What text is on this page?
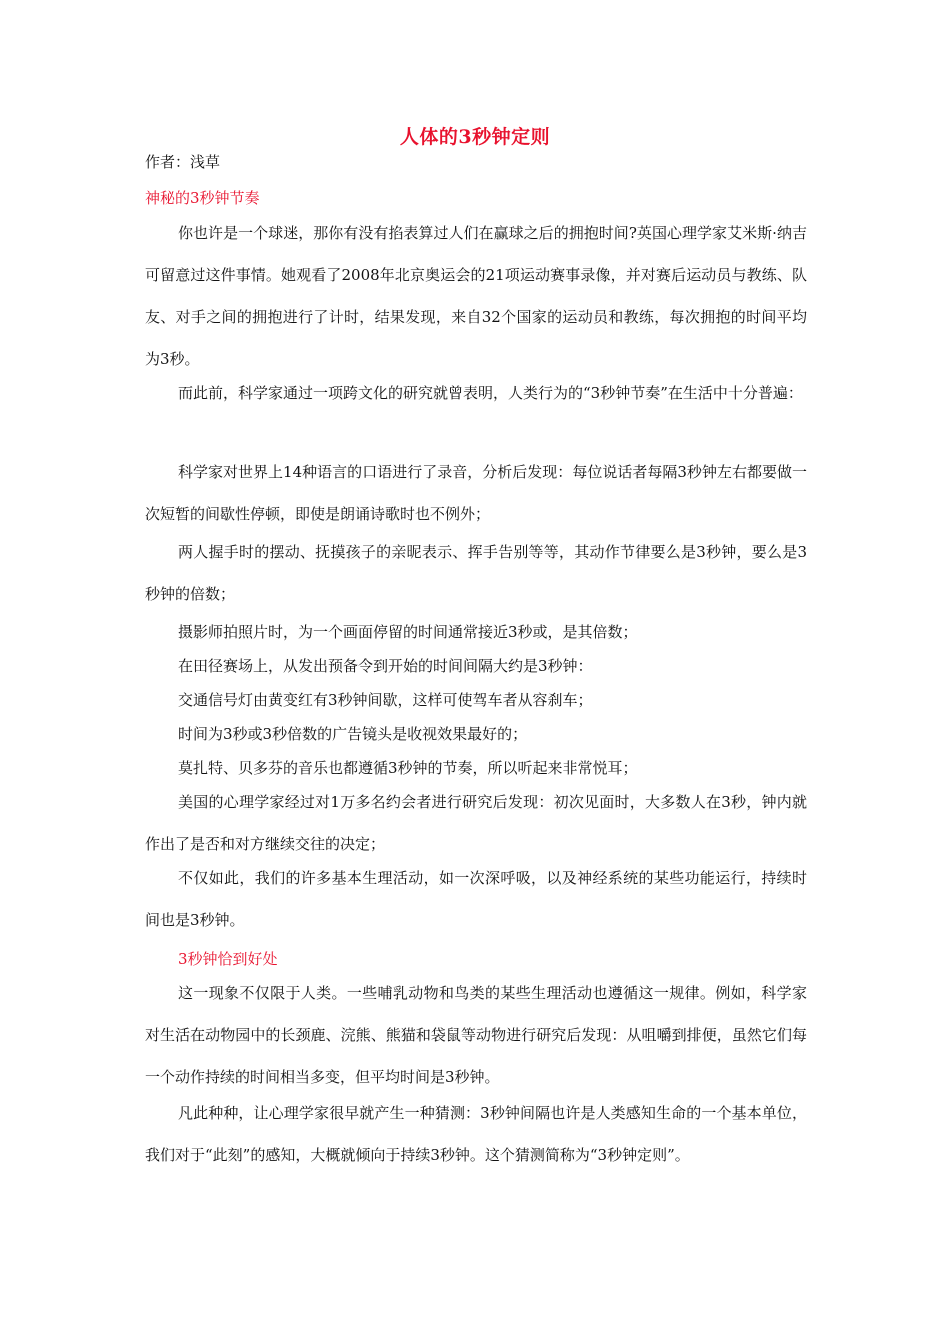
人体的3秒钟定则
作者：浅草
神秘的3秒钟节奏
你也许是一个球迷，那你有没有掐表算过人们在赢球之后的拥抱时间?英国心理学家艾米斯·纳吉可留意过这件事情。她观看了2008年北京奥运会的21项运动赛事录像，并对赛后运动员与教练、队友、对手之间的拥抱进行了计时，结果发现，来自32个国家的运动员和教练，每次拥抱的时间平均为3秒。
而此前，科学家通过一项跨文化的研究就曾表明，人类行为的“3秒钟节奏”在生活中十分普遍：
科学家对世界上14种语言的口语进行了录音，分析后发现：每位说话者每隔3秒钟左右都要做一次短暂的间歇性停顿，即使是朗诵诗歌时也不例外；
两人握手时的摆动、抚摸孩子的亲昵表示、挥手告别等等，其动作节律要么是3秒钟，要么是3秒钟的倍数；
摄影师拍照片时，为一个画面停留的时间通常接近3秒或，是其倍数；
在田径赛场上，从发出预备令到开始的时间间隔大约是3秒钟：
交通信号灯由黄变红有3秒钟间歇，这样可使驾车者从容刹车；
时间为3秒或3秒倍数的广告镜头是收视效果最好的；
莫扎特、贝多芬的音乐也都遵循3秒钟的节奏，所以听起来非常悦耳；
美国的心理学家经过对1万多名约会者进行研究后发现：初次见面时，大多数人在3秒，钟内就作出了是否和对方继续交往的决定；
不仅如此，我们的许多基本生理活动，如一次深呼吸，以及神经系统的某些功能运行，持续时间也是3秒钟。
3秒钟恰到好处
这一现象不仅限于人类。一些哺乳动物和鸟类的某些生理活动也遵循这一规律。例如，科学家对生活在动物园中的长颈鹿、浣熊、熊猫和袋鼠等动物进行研究后发现：从咀嚼到排便，虽然它们每一个动作持续的时间相当多变，但平均时间是3秒钟。
凡此种种，让心理学家很早就产生一种猜测：3秒钟间隔也许是人类感知生命的一个基本单位，我们对于“此刻”的感知，大概就倾向于持续3秒钟。这个猜测简称为“3秒钟定则”。
